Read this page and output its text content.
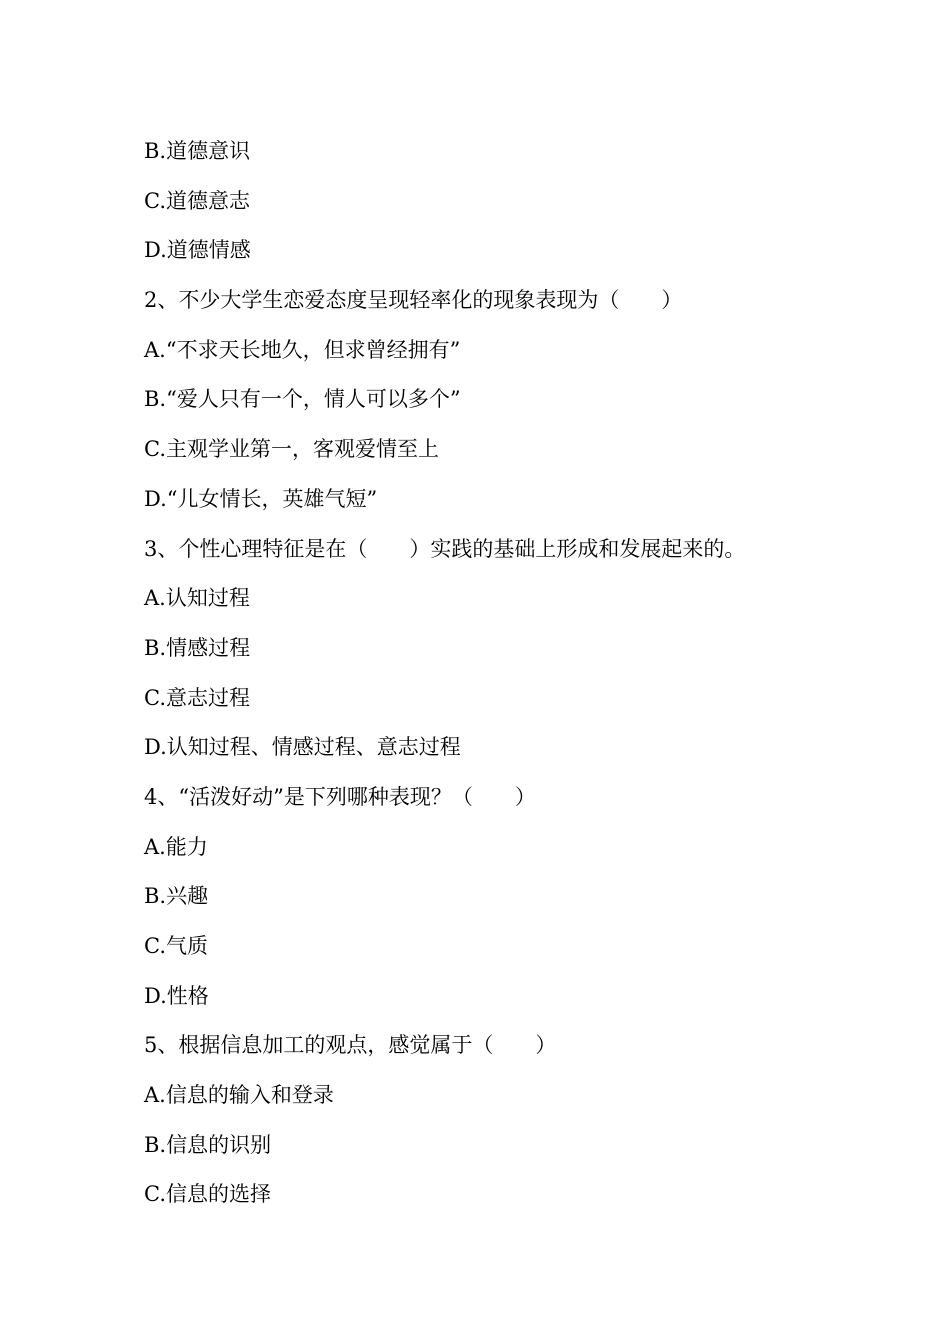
B.道德意识
C.道德意志
D.道德情感
2、不少大学生恋爱态度呈现轻率化的现象表现为（　　）
A.“不求天长地久，但求曾经拥有”
B.“爱人只有一个，情人可以多个”
C.主观学业第一，客观爱情至上
D.“儿女情长，英雄气短”
3、个性心理特征是在（　　）实践的基础上形成和发展起来的。
A.认知过程
B.情感过程
C.意志过程
D.认知过程、情感过程、意志过程
4、“活泼好动”是下列哪种表现？（　　）
A.能力
B.兴趣
C.气质
D.性格
5、根据信息加工的观点，感觉属于（　　）
A.信息的输入和登录
B.信息的识别
C.信息的选择
